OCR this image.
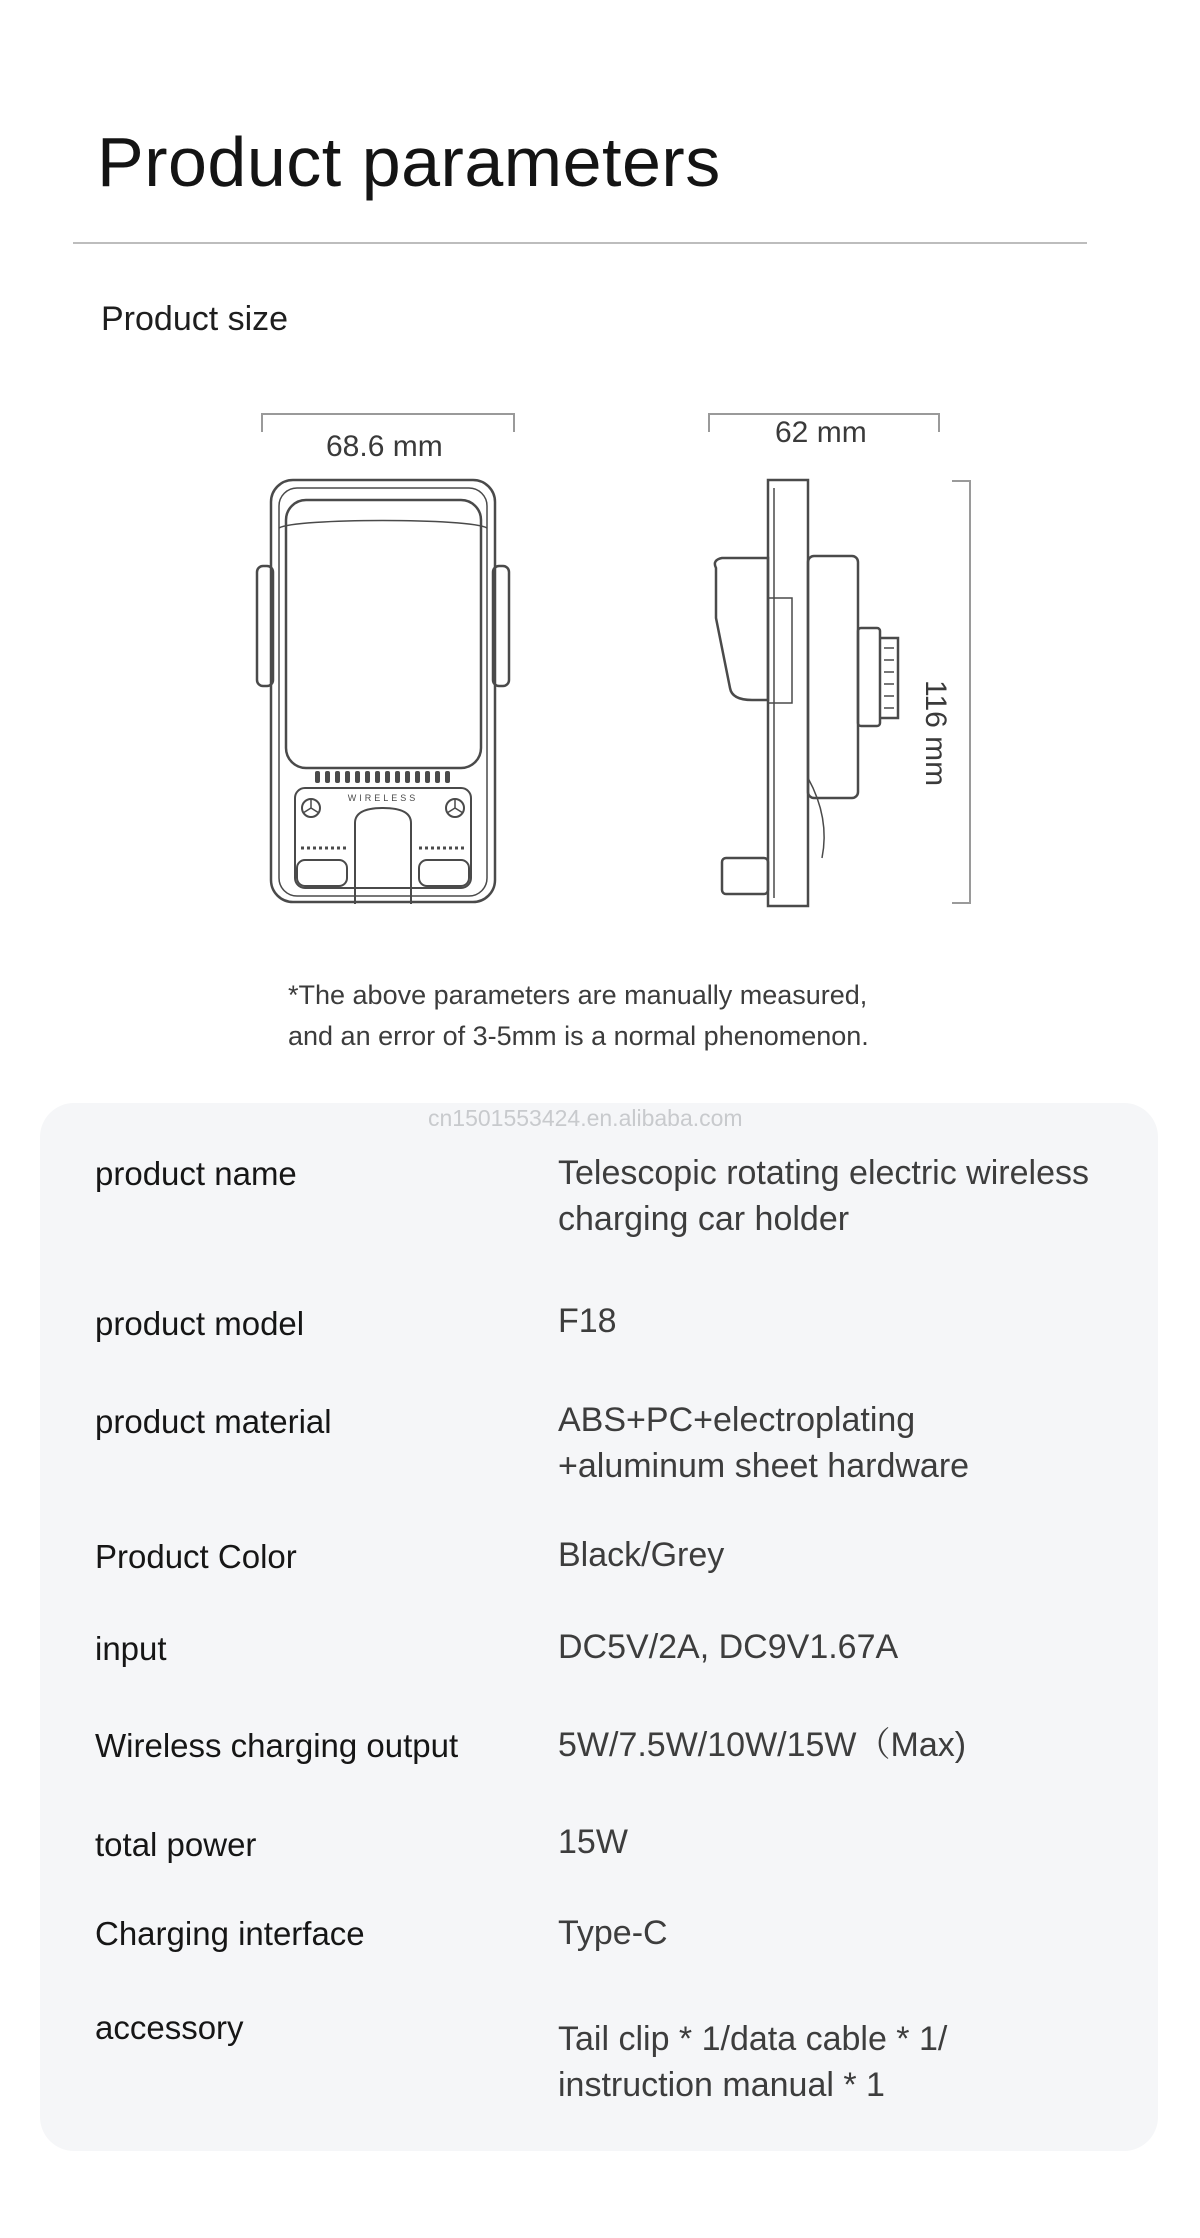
Product parameters
Product size
68.6 mm
WIRELESS
62 mm
116 mm
*The above parameters are manually measured,
and an error of 3-5mm is a normal phenomenon.
cn1501553424.en.alibaba.com
product name	Telescopic rotating electric wireless
charging car holder
product model	F18
product material	ABS+PC+electroplating
+aluminum sheet hardware
Product Color	Black/Grey
input	DC5V/2A, DC9V1.67A
Wireless charging output	5W/7.5W/10W/15W（Max)
total power	15W
Charging interface	Type-C
accessory	Tail clip * 1/data cable * 1/
instruction manual * 1
